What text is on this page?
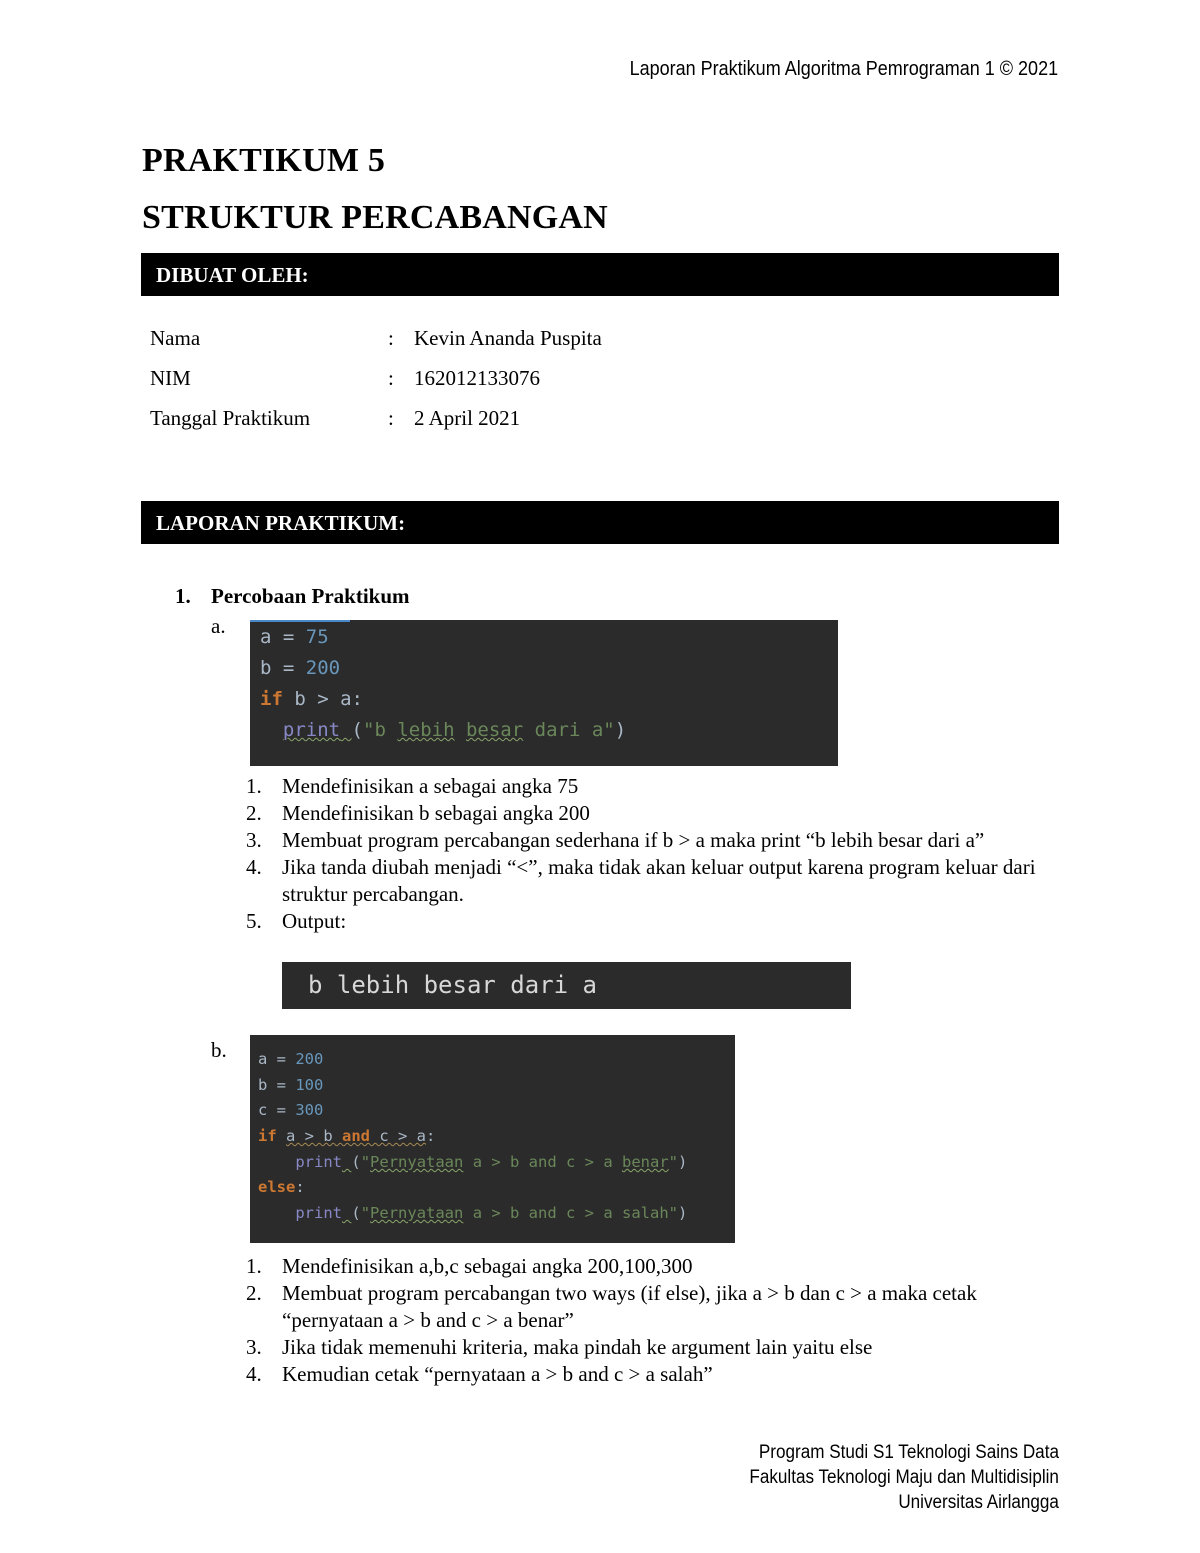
Laporan Praktikum Algoritma Pemrograman 1 © 2021
PRAKTIKUM 5
STRUKTUR PERCABANGAN
DIBUAT OLEH:
Nama	: Kevin Ananda Puspita
NIM	: 162012133076
Tanggal Praktikum	: 2 April 2021
LAPORAN PRAKTIKUM:
1. Percobaan Praktikum
a. a = 75
b = 200
if b > a:
print ("b lebih besar dari a")
1. Mendefinisikan a sebagai angka 75
2. Mendefinisikan b sebagai angka 200
3. Membuat program percabangan sederhana if b > a maka print “b lebih besar dari a”
4. Jika tanda diubah menjadi “<”, maka tidak akan keluar output karena program keluar dari struktur percabangan.
5. Output:
b lebih besar dari a
b. a = 200
b = 100
c = 300
if a > b and c > a:
print ("Pernyataan a > b and c > a benar")
else:
print ("Pernyataan a > b and c > a salah")
1. Mendefinisikan a,b,c sebagai angka 200,100,300
2. Membuat program percabangan two ways (if else), jika a > b dan c > a maka cetak “pernyataan a > b and c > a benar”
3. Jika tidak memenuhi kriteria, maka pindah ke argument lain yaitu else
4. Kemudian cetak “pernyataan a > b and c > a salah”
Program Studi S1 Teknologi Sains Data
Fakultas Teknologi Maju dan Multidisiplin
Universitas Airlangga
